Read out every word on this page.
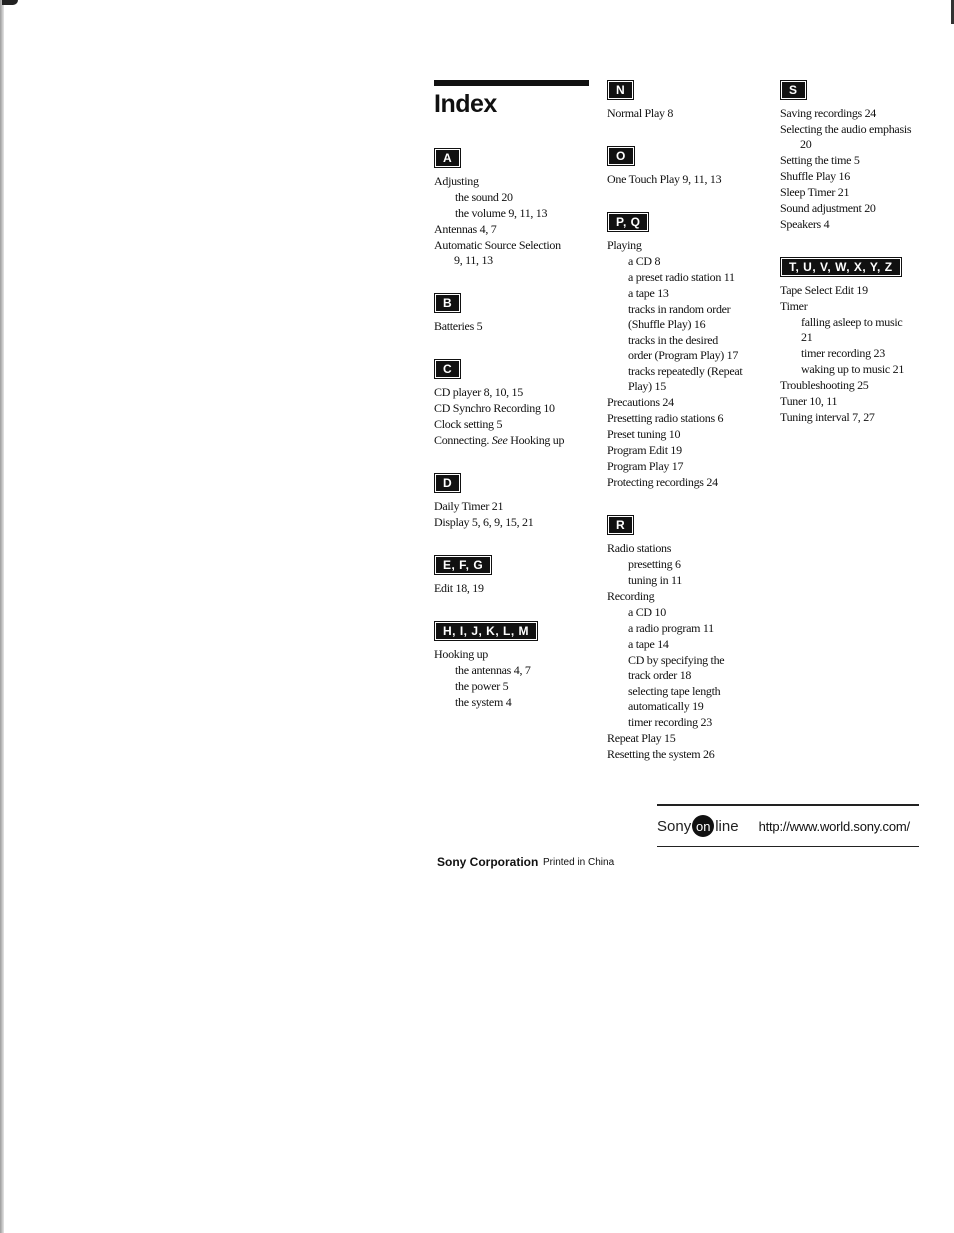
Index
A
Adjusting
the sound 20
the volume 9, 11, 13
Antennas 4, 7
Automatic Source Selection
9, 11, 13
B
Batteries 5
C
CD player 8, 10, 15
CD Synchro Recording 10
Clock setting 5
Connecting. See Hooking up
D
Daily Timer 21
Display 5, 6, 9, 15, 21
E, F, G
Edit 18, 19
H, I, J, K, L, M
Hooking up
the antennas 4, 7
the power 5
the system 4
N
Normal Play 8
O
One Touch Play 9, 11, 13
P, Q
Playing
a CD 8
a preset radio station 11
a tape 13
tracks in random order
(Shuffle Play) 16
tracks in the desired
order (Program Play) 17
tracks repeatedly (Repeat
Play) 15
Precautions 24
Presetting radio stations 6
Preset tuning 10
Program Edit 19
Program Play 17
Protecting recordings 24
R
Radio stations
presetting 6
tuning in 11
Recording
a CD 10
a radio program 11
a tape 14
CD by specifying the
track order 18
selecting tape length
automatically 19
timer recording 23
Repeat Play 15
Resetting the system 26
S
Saving recordings 24
Selecting the audio emphasis
20
Setting the time 5
Shuffle Play 16
Sleep Timer 21
Sound adjustment 20
Speakers 4
T, U, V, W, X, Y, Z
Tape Select Edit 19
Timer
falling asleep to music
21
timer recording 23
waking up to music 21
Troubleshooting 25
Tuner 10, 11
Tuning interval 7, 27
Sony on line http://www.world.sony.com/
Sony Corporation Printed in China
